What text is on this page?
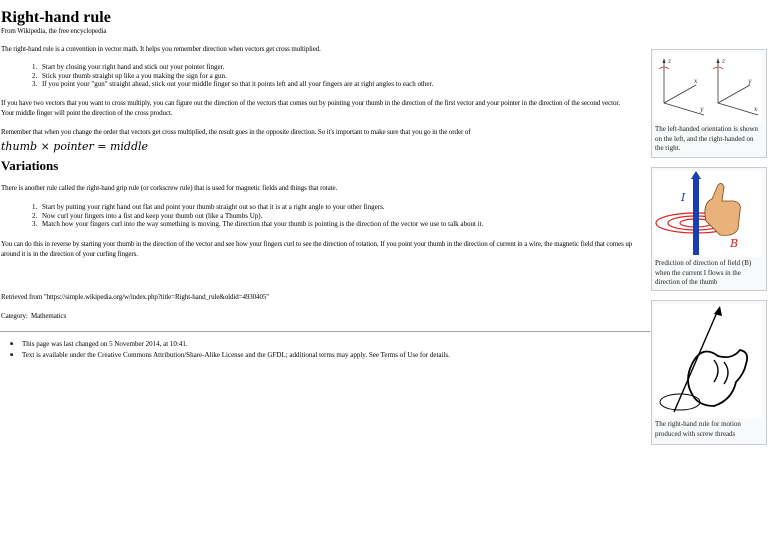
Right-hand rule
From Wikipedia, the free encyclopedia
The right-hand rule is a convention in vector math. It helps you remember direction when vectors get cross multiplied.
1. Start by closing your right hand and stick out your pointer finger.
2. Stick your thumb straight up like a you making the sign for a gun.
3. If you point your "gun" straight ahead, stick out your middle finger so that it points left and all your fingers are at right angles to each other.
If you have two vectors that you want to cross multiply, you can figure out the direction of the vectors that comes out by pointing your thumb in the direction of the first vector and your pointer in the direction of the second vector. Your middle finger will point the direction of the cross product.
Remember that when you change the order that vectors get cross multiplied, the result goes in the opposite direction. So it's important to make sure that you go in the order of
thumb × pointer = middle
Variations
There is another rule called the right-hand grip rule (or corkscrew rule) that is used for magnetic fields and things that rotate.
1. Start by putting your right hand out flat and point your thumb straight out so that it is at a right angle to your other fingers.
2. Now curl your fingers into a fist and keep your thumb out (like a Thumbs Up).
3. Match how your fingers curl into the way something is moving. The direction that your thumb is pointing is the direction of the vector we use to talk about it.
You can do this in reverse by starting your thumb in the direction of the vector and see how your fingers curl to see the direction of rotation. If you point your thumb in the direction of current in a wire, the magnetic field that comes up around it is in the direction of your curling fingers.
Retrieved from "https://simple.wikipedia.org/w/index.php?title=Right-hand_rule&oldid=4930405"
Category: Mathematics
■ This page was last changed on 5 November 2014, at 10:41.
■ Text is available under the Creative Commons Attribution/Share-Alike License and the GFDL; additional terms may apply. See Terms of Use for details.
z
x
y
z
y
x
The left-handed orientation is shown on the left, and the right-handed on the right.
I
B
Prediction of direction of field (B) when the current I flows in the direction of the thumb
The right-hand rule for motion produced with screw threads
